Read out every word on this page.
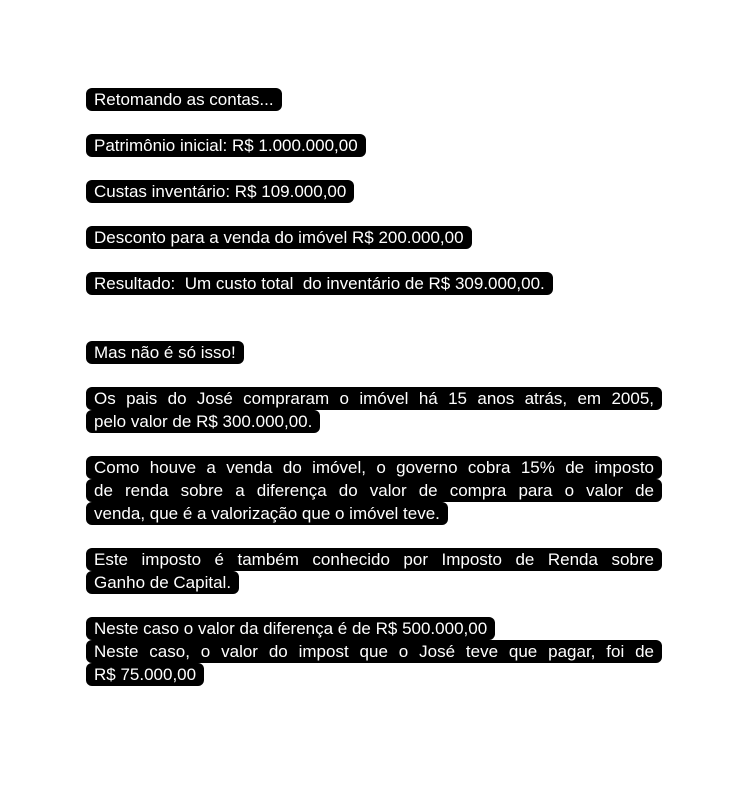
Retomando as contas...
Patrimônio inicial: R$ 1.000.000,00
Custas inventário: R$ 109.000,00
Desconto para a venda do imóvel R$ 200.000,00
Resultado:  Um custo total  do inventário de R$ 309.000,00.
Mas não é só isso!
Os pais do José compraram o imóvel há 15 anos atrás, em 2005,
pelo valor de R$ 300.000,00.
Como houve a venda do imóvel, o governo cobra 15% de imposto
de renda sobre a diferença do valor de compra para o valor de
venda, que é a valorização que o imóvel teve.
Este imposto é também conhecido por Imposto de Renda sobre
Ganho de Capital.
Neste caso o valor da diferença é de R$ 500.000,00
Neste caso, o valor do impost que o José teve que pagar, foi de
R$ 75.000,00
